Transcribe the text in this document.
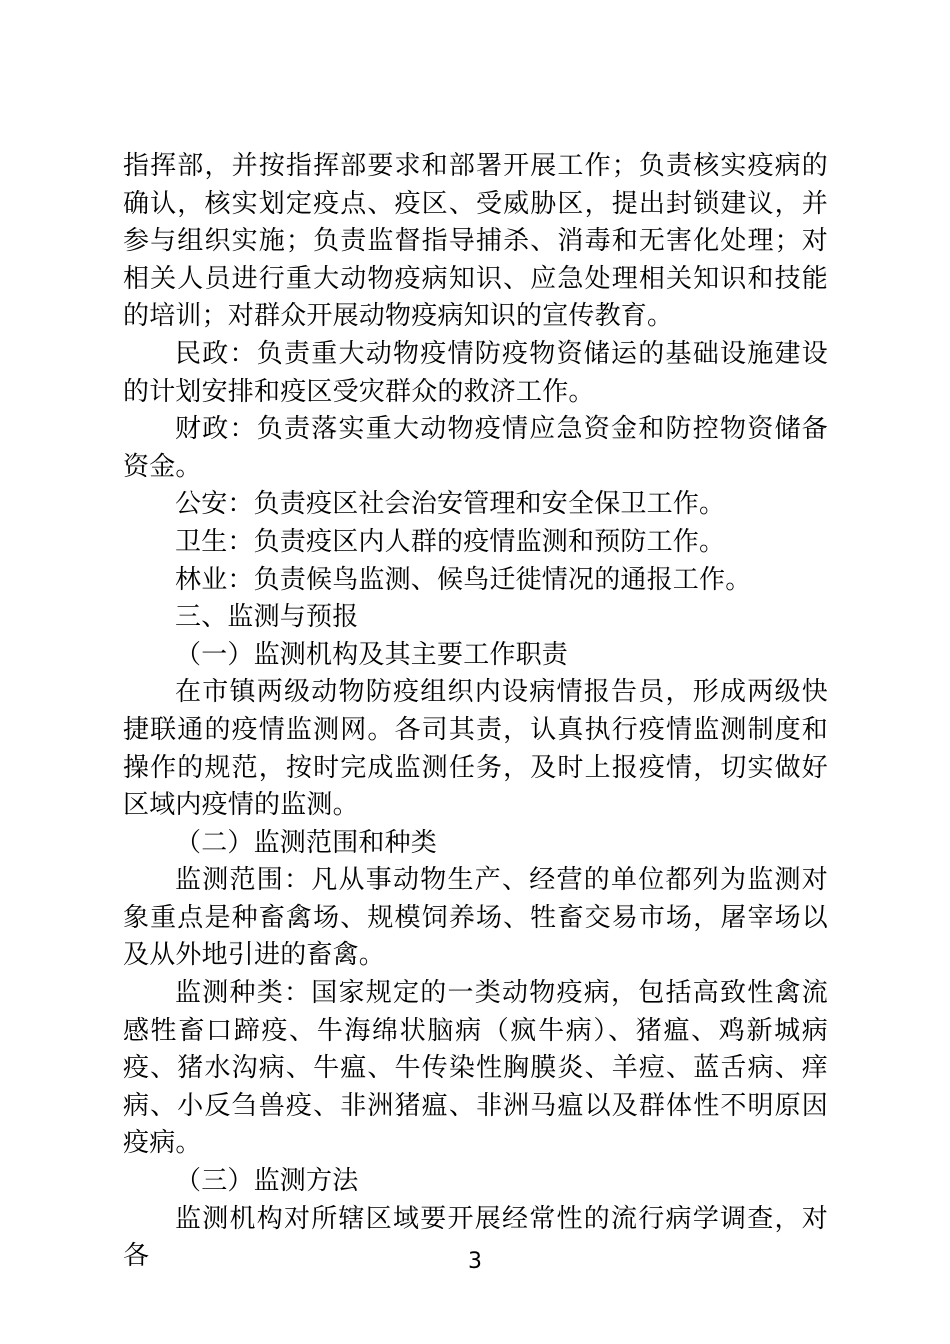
指挥部，并按指挥部要求和部署开展工作；负责核实疫病的确认，核实划定疫点、疫区、受威胁区，提出封锁建议，并参与组织实施；负责监督指导捕杀、消毒和无害化处理；对相关人员进行重大动物疫病知识、应急处理相关知识和技能的培训；对群众开展动物疫病知识的宣传教育。

民政：负责重大动物疫情防疫物资储运的基础设施建设的计划安排和疫区受灾群众的救济工作。

财政：负责落实重大动物疫情应急资金和防控物资储备资金。

公安：负责疫区社会治安管理和安全保卫工作。

卫生：负责疫区内人群的疫情监测和预防工作。

林业：负责候鸟监测、候鸟迁徙情况的通报工作。

三、监测与预报

（一）监测机构及其主要工作职责

在市镇两级动物防疫组织内设病情报告员，形成两级快捷联通的疫情监测网。各司其责，认真执行疫情监测制度和操作的规范，按时完成监测任务，及时上报疫情，切实做好区域内疫情的监测。

（二）监测范围和种类

监测范围：凡从事动物生产、经营的单位都列为监测对象重点是种畜禽场、规模饲养场、牲畜交易市场，屠宰场以及从外地引进的畜禽。

监测种类：国家规定的一类动物疫病，包括高致性禽流感牲畜口蹄疫、牛海绵状脑病（疯牛病）、猪瘟、鸡新城病疫、猪水沟病、牛瘟、牛传染性胸膜炎、羊痘、蓝舌病、痒病、小反刍兽疫、非洲猪瘟、非洲马瘟以及群体性不明原因疫病。

（三）监测方法

监测机构对所辖区域要开展经常性的流行病学调查，对各	3
